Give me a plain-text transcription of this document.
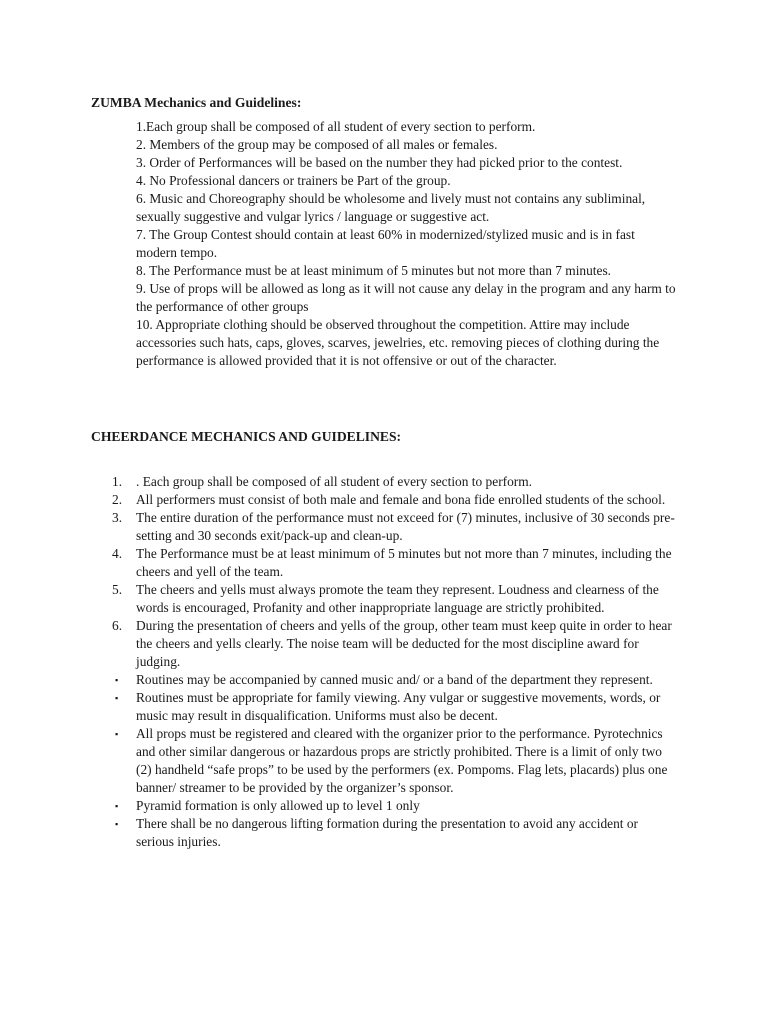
ZUMBA Mechanics and Guidelines:
1.Each group shall be composed of all student of every section to perform.
2. Members of the group may be composed of all males or females.
3. Order of Performances will be based on the number they had picked prior to the contest.
4. No Professional dancers or trainers be Part of the group.
6. Music and Choreography should be wholesome and lively must not contains any subliminal, sexually suggestive and vulgar lyrics / language or suggestive act.
7. The Group Contest should contain at least 60% in modernized/stylized music and is in fast modern tempo.
8. The Performance must be at least minimum of 5 minutes but not more than 7 minutes.
9. Use of props will be allowed as long as it will not cause any delay in the program and any harm to the performance of other groups
10. Appropriate clothing should be observed throughout the competition. Attire may include accessories such hats, caps, gloves, scarves, jewelries, etc. removing pieces of clothing during the performance is allowed provided that it is not offensive or out of the character.
CHEERDANCE MECHANICS AND GUIDELINES:
1.	. Each group shall be composed of all student of every section to perform.
2.	All performers must consist of both male and female and bona fide enrolled students of the school.
3.	The entire duration of the performance must not exceed for (7) minutes, inclusive of 30 seconds pre-setting and 30 seconds exit/pack-up and clean-up.
4.	The Performance must be at least minimum of 5 minutes but not more than 7 minutes, including the cheers and yell of the team.
5.	The cheers and yells must always promote the team they represent. Loudness and clearness of the words is encouraged, Profanity and other inappropriate language are strictly prohibited.
6.	During the presentation of cheers and yells of the group, other team must keep quite in order to hear the cheers and yells clearly. The noise team will be deducted for the most discipline award for judging.
▪	Routines may be accompanied by canned music and/ or a band of the department they represent.
▪	Routines must be appropriate for family viewing. Any vulgar or suggestive movements, words, or music may result in disqualification. Uniforms must also be decent.
▪	All props must be registered and cleared with the organizer prior to the performance. Pyrotechnics and other similar dangerous or hazardous props are strictly prohibited. There is a limit of only two (2) handheld “safe props” to be used by the performers (ex. Pompoms. Flag lets, placards) plus one banner/ streamer to be provided by the organizer’s sponsor.
▪	Pyramid formation is only allowed up to level 1 only
▪	There shall be no dangerous lifting formation during the presentation to avoid any accident or serious injuries.
